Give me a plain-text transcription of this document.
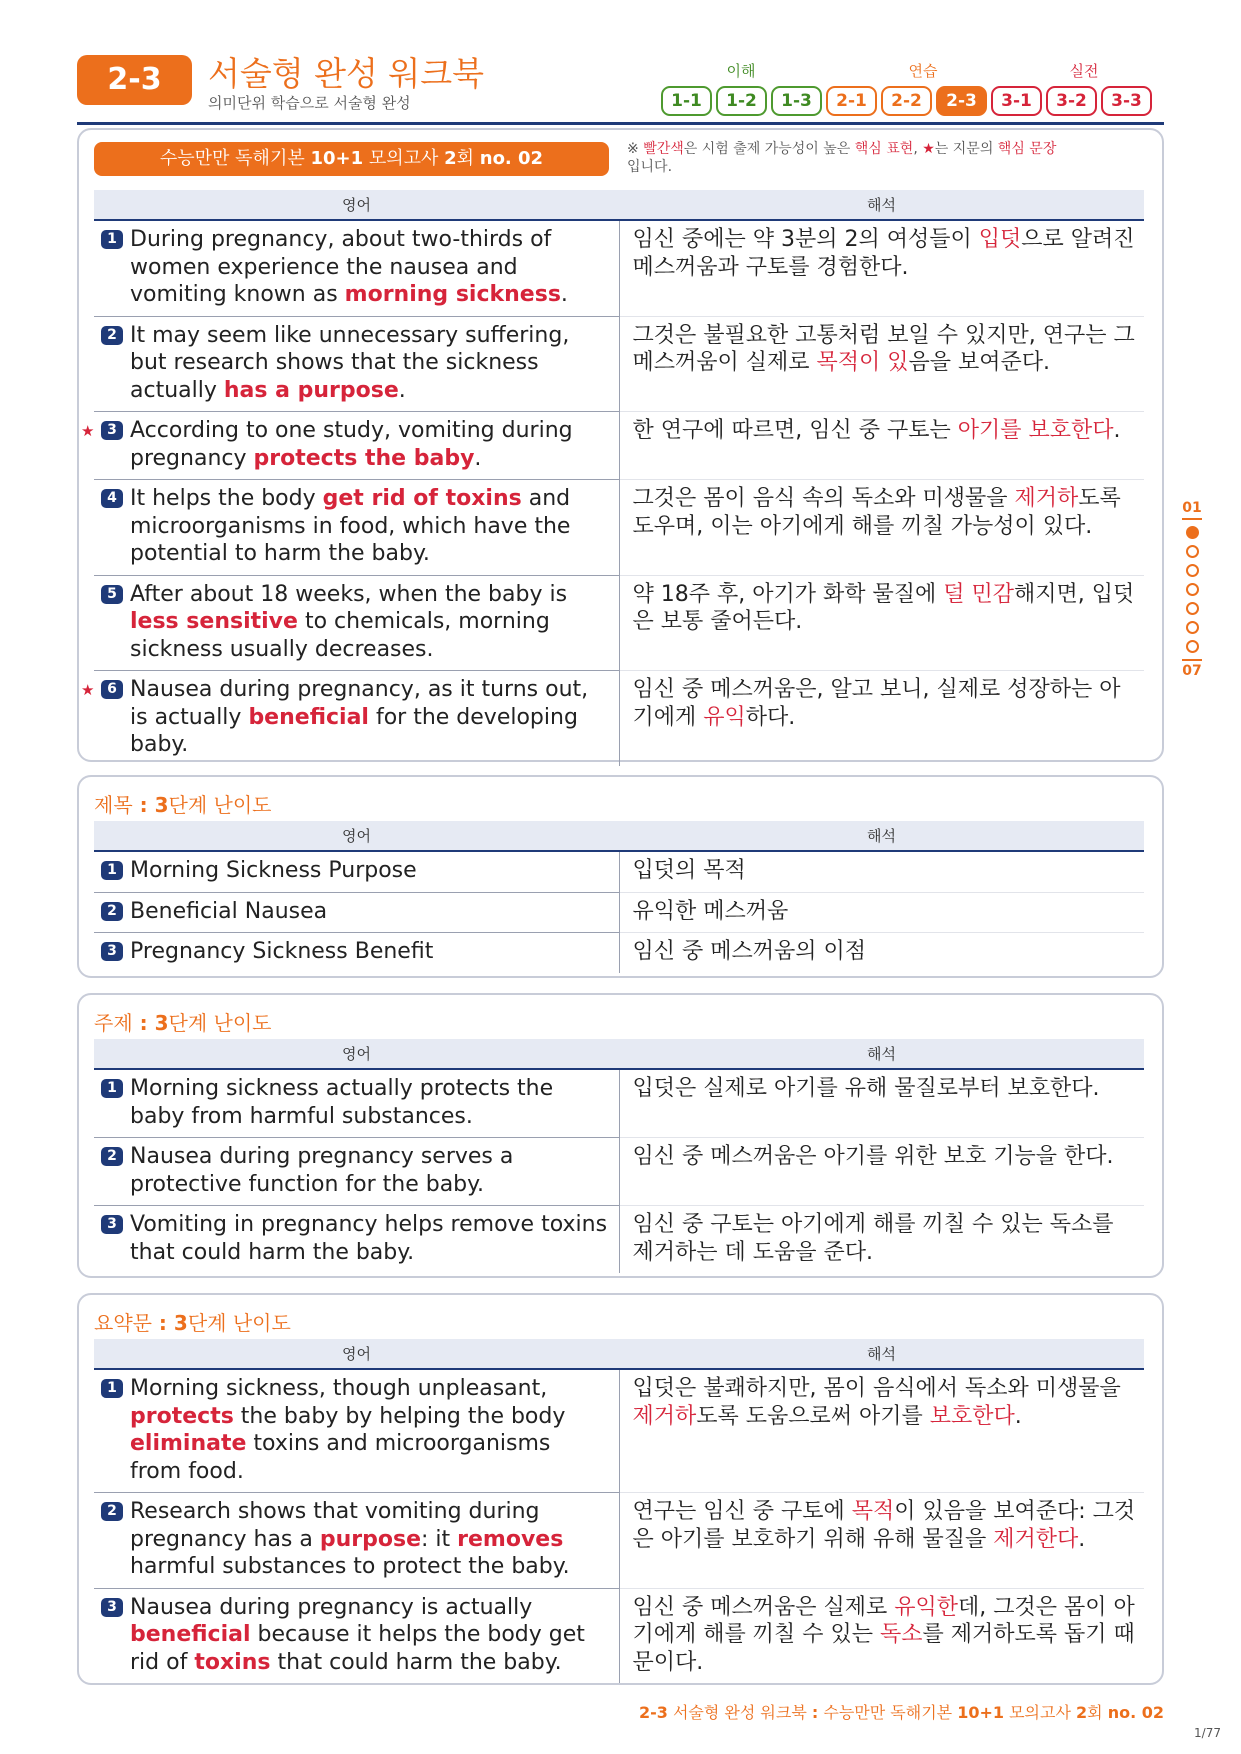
2-3	서술형 완성 워크북
의미단위 학습으로 서술형 완성
이해	연습	실전
1-1	1-2	1-3	2-1	2-2	2-3	3-1	3-2	3-3
수능만만 독해기본 10+1 모의고사 2회 no. 02	※ 빨간색은 시험 출제 가능성이 높은 핵심 표현, ★는 지문의 핵심 문장
입니다.
영어	해석

1 During pregnancy, about two-thirds of women experience the nausea and vomiting known as morning sickness.	임신 중에는 약 3분의 2의 여성들이 입덧으로 알려진 메스꺼움과 구토를 경험한다.

2 It may seem like unnecessary suffering, but research shows that the sickness actually has a purpose.	그것은 불필요한 고통처럼 보일 수 있지만, 연구는 그 메스꺼움이 실제로 목적이 있음을 보여준다.

★ 3 According to one study, vomiting during pregnancy protects the baby.	한 연구에 따르면, 임신 중 구토는 아기를 보호한다.

4 It helps the body get rid of toxins and microorganisms in food, which have the potential to harm the baby.	그것은 몸이 음식 속의 독소와 미생물을 제거하도록 도우며, 이는 아기에게 해를 끼칠 가능성이 있다.

5 After about 18 weeks, when the baby is less sensitive to chemicals, morning sickness usually decreases.	약 18주 후, 아기가 화학 물질에 덜 민감해지면, 입덧은 보통 줄어든다.

★ 6 Nausea during pregnancy, as it turns out, is actually beneficial for the developing baby.	임신 중 메스꺼움은, 알고 보니, 실제로 성장하는 아기에게 유익하다.
제목 : 3단계 난이도
영어	해석

1 Morning Sickness Purpose	입덧의 목적

2 Beneficial Nausea	유익한 메스꺼움

3 Pregnancy Sickness Benefit	임신 중 메스꺼움의 이점
주제 : 3단계 난이도
영어	해석

1 Morning sickness actually protects the baby from harmful substances.	입덧은 실제로 아기를 유해 물질로부터 보호한다.

2 Nausea during pregnancy serves a protective function for the baby.	임신 중 메스꺼움은 아기를 위한 보호 기능을 한다.

3 Vomiting in pregnancy helps remove toxins that could harm the baby.	임신 중 구토는 아기에게 해를 끼칠 수 있는 독소를 제거하는 데 도움을 준다.
요약문 : 3단계 난이도
영어	해석

1 Morning sickness, though unpleasant, protects the baby by helping the body eliminate toxins and microorganisms from food.	입덧은 불쾌하지만, 몸이 음식에서 독소와 미생물을 제거하도록 도움으로써 아기를 보호한다.

2 Research shows that vomiting during pregnancy has a purpose: it removes harmful substances to protect the baby.	연구는 임신 중 구토에 목적이 있음을 보여준다: 그것은 아기를 보호하기 위해 유해 물질을 제거한다.

3 Nausea during pregnancy is actually beneficial because it helps the body get rid of toxins that could harm the baby.	임신 중 메스꺼움은 실제로 유익한데, 그것은 몸이 아기에게 해를 끼칠 수 있는 독소를 제거하도록 돕기 때문이다.
01
07
2-3 서술형 완성 워크북 : 수능만만 독해기본 10+1 모의고사 2회 no. 02
1/77
